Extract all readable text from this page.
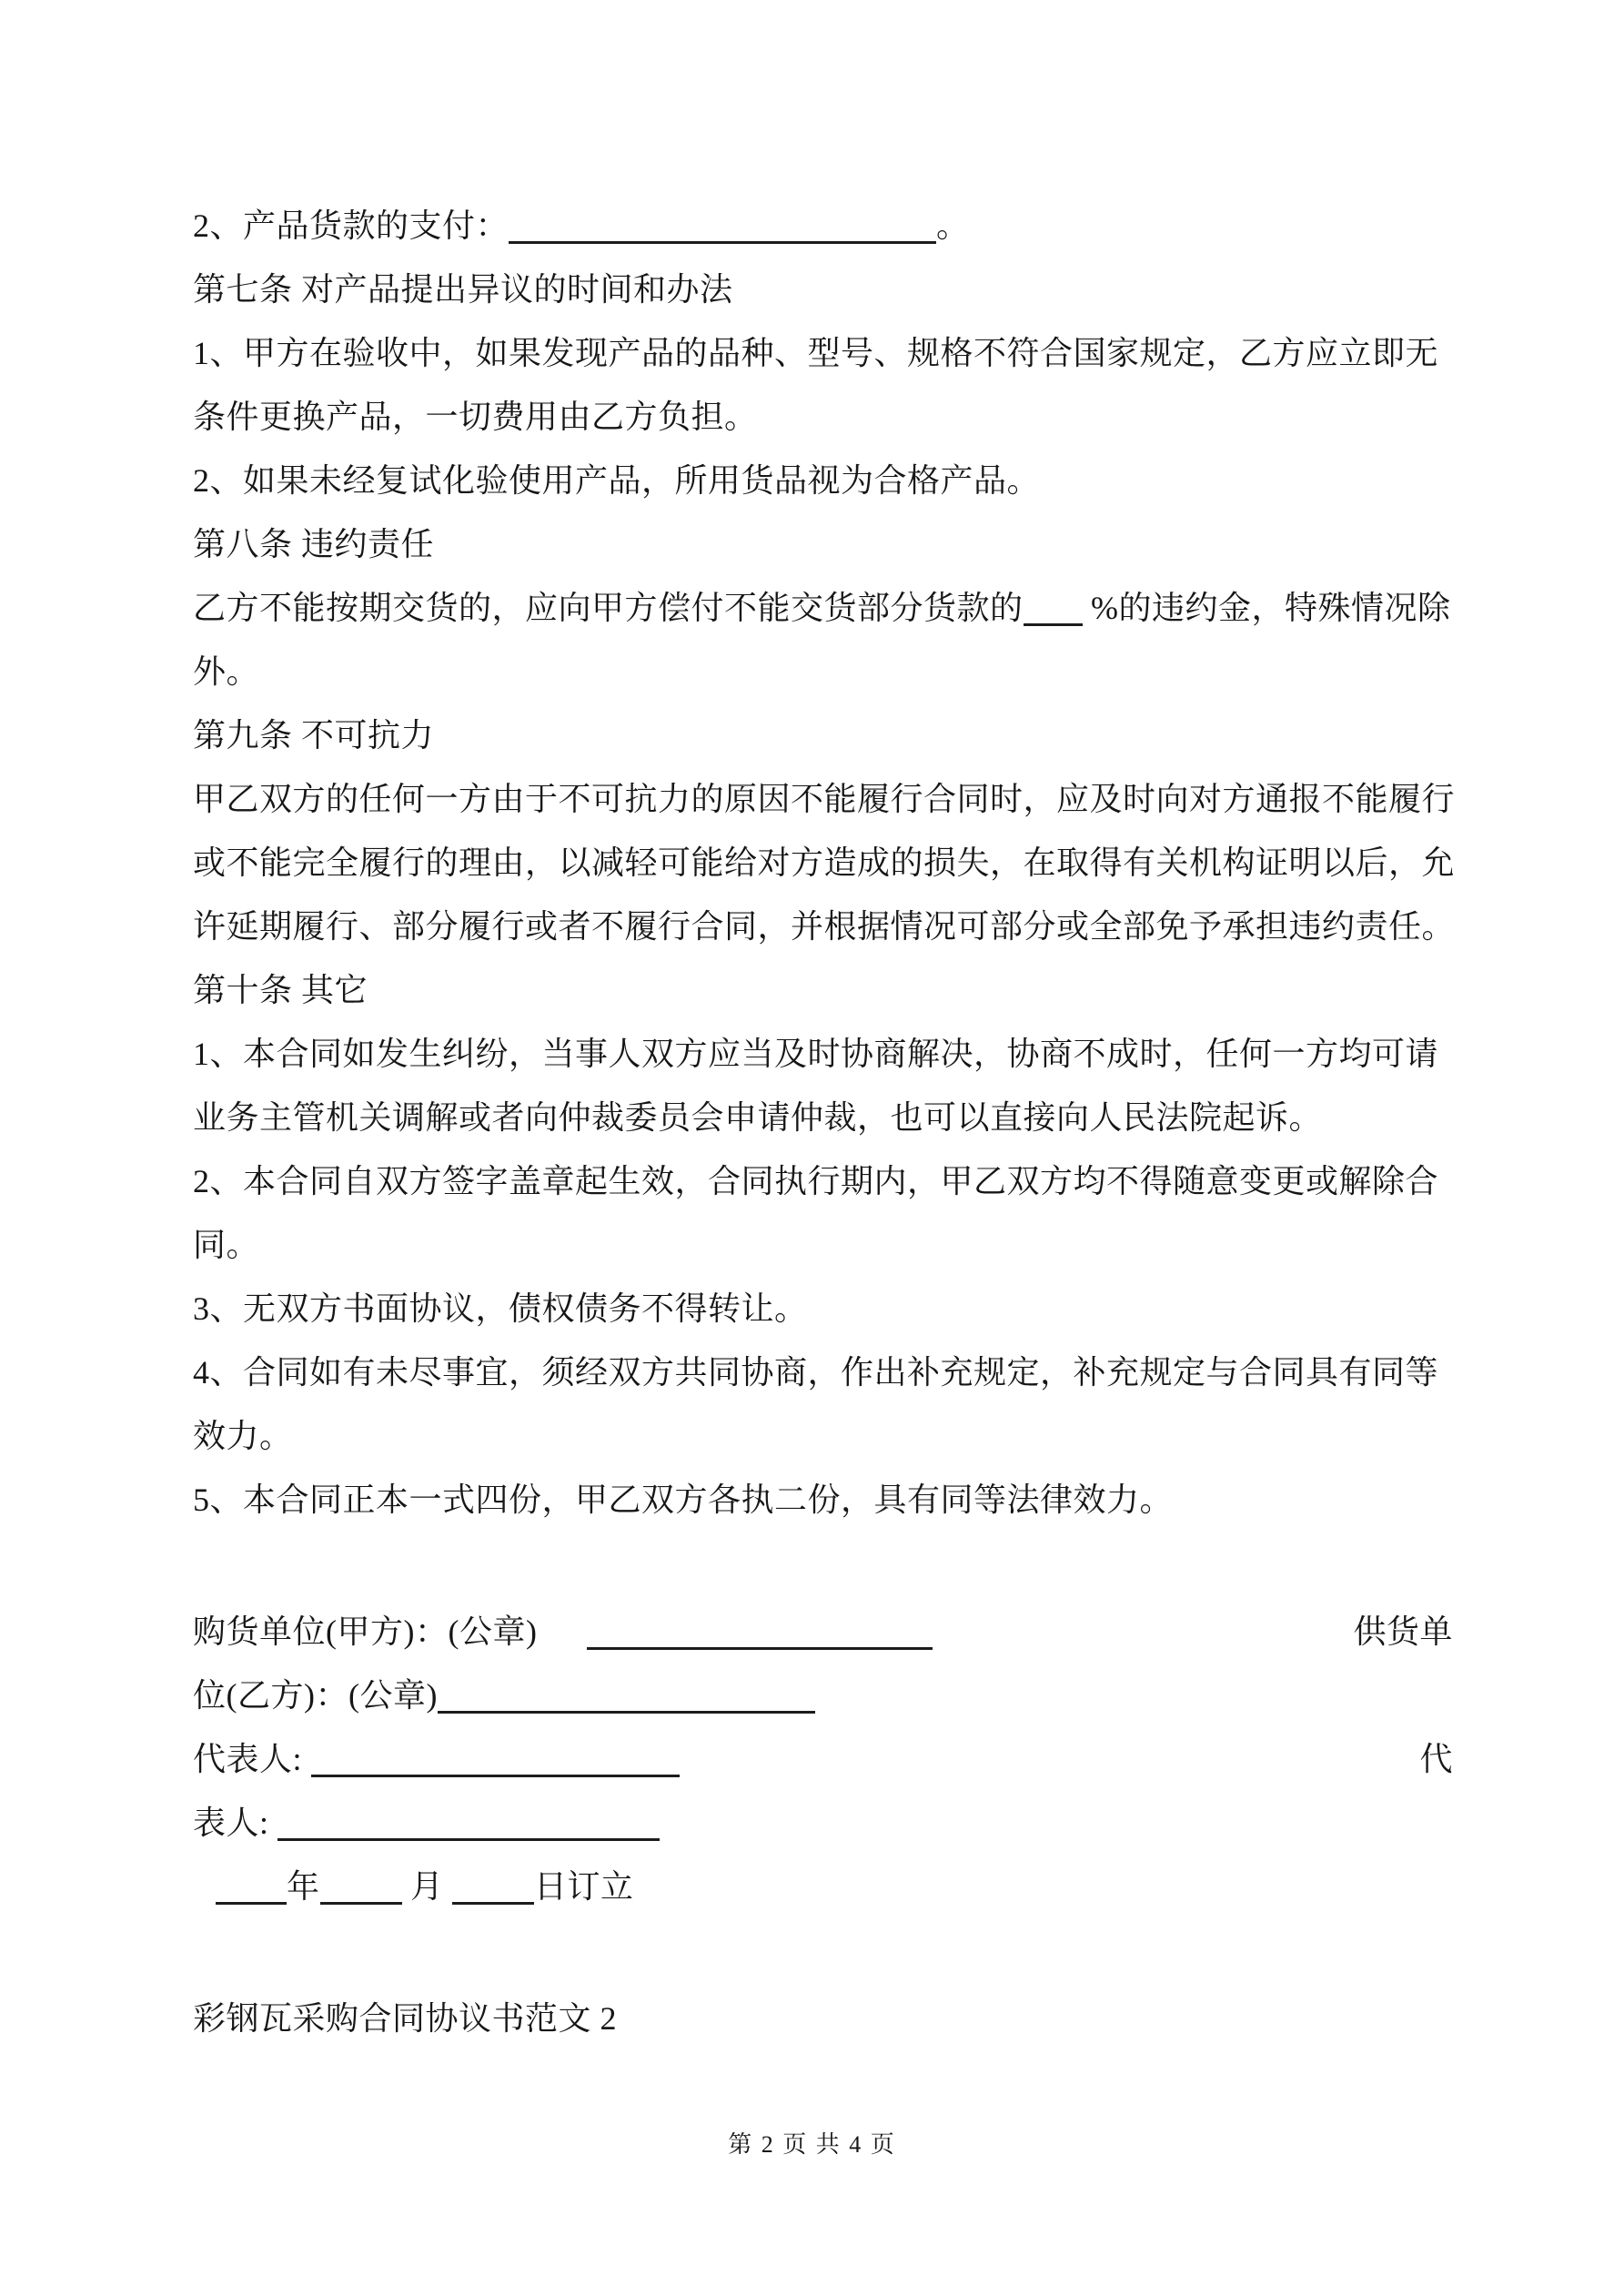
2、产品货款的支付：	。
第七条 对产品提出异议的时间和办法
1、甲方在验收中，如果发现产品的品种、型号、规格不符合国家规定，乙方应立即无
条件更换产品，一切费用由乙方负担。
2、如果未经复试化验使用产品，所用货品视为合格产品。
第八条 违约责任
乙方不能按期交货的，应向甲方偿付不能交货部分货款的 %的违约金，特殊情况除
外。
第九条 不可抗力
甲乙双方的任何一方由于不可抗力的原因不能履行合同时，应及时向对方通报不能履行
或不能完全履行的理由，以减轻可能给对方造成的损失，在取得有关机构证明以后，允
许延期履行、部分履行或者不履行合同，并根据情况可部分或全部免予承担违约责任。
第十条 其它
1、本合同如发生纠纷，当事人双方应当及时协商解决，协商不成时，任何一方均可请
业务主管机关调解或者向仲裁委员会申请仲裁，也可以直接向人民法院起诉。
2、本合同自双方签字盖章起生效，合同执行期内，甲乙双方均不得随意变更或解除合
同。
3、无双方书面协议，债权债务不得转让。
4、合同如有未尽事宜，须经双方共同协商，作出补充规定，补充规定与合同具有同等
效力。
5、本合同正本一式四份，甲乙双方各执二份，具有同等法律效力。
购货单位(甲方)：(公章)	供货单
位(乙方)：(公章)
代表人:	代
表人:
年	月	日订立
彩钢瓦采购合同协议书范文 2
第 2 页 共 4 页
